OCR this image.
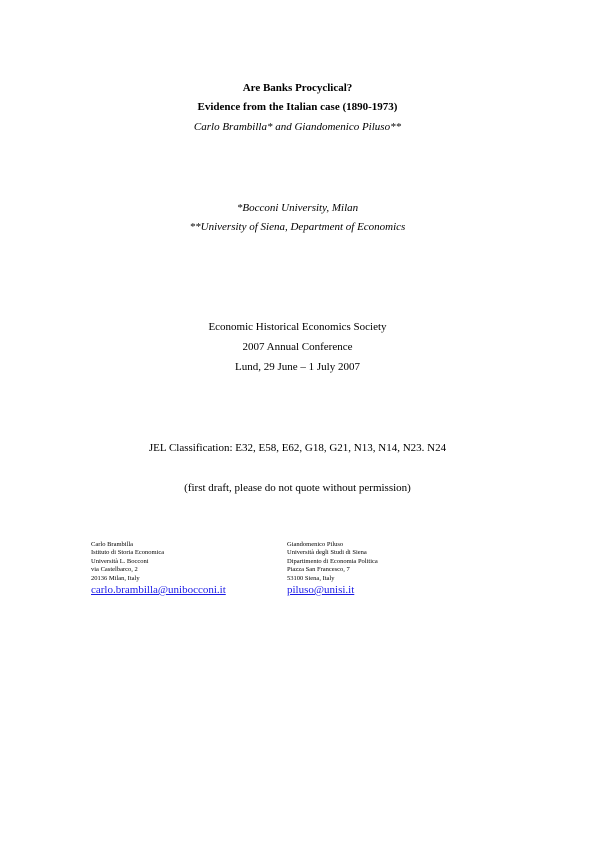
Are Banks Procyclical?
Evidence from the Italian case (1890-1973)
Carlo Brambilla* and Giandomenico Piluso**
*Bocconi University, Milan
**University of Siena, Department of Economics
Economic Historical Economics Society
2007 Annual Conference
Lund, 29 June – 1 July 2007
JEL Classification: E32, E58, E62, G18, G21, N13, N14, N23. N24
(first draft, please do not quote without permission)
Carlo Brambilla
Istituto di Storia Economica
Università L. Bocconi
via Castelbarco, 2
20136 Milan, Italy
carlo.brambilla@unibocconi.it
Giandomenico Piluso
Università degli Studi di Siena
Dipartimento di Economia Politica
Piazza San Francesco, 7
53100 Siena, Italy
piluso@unisi.it
